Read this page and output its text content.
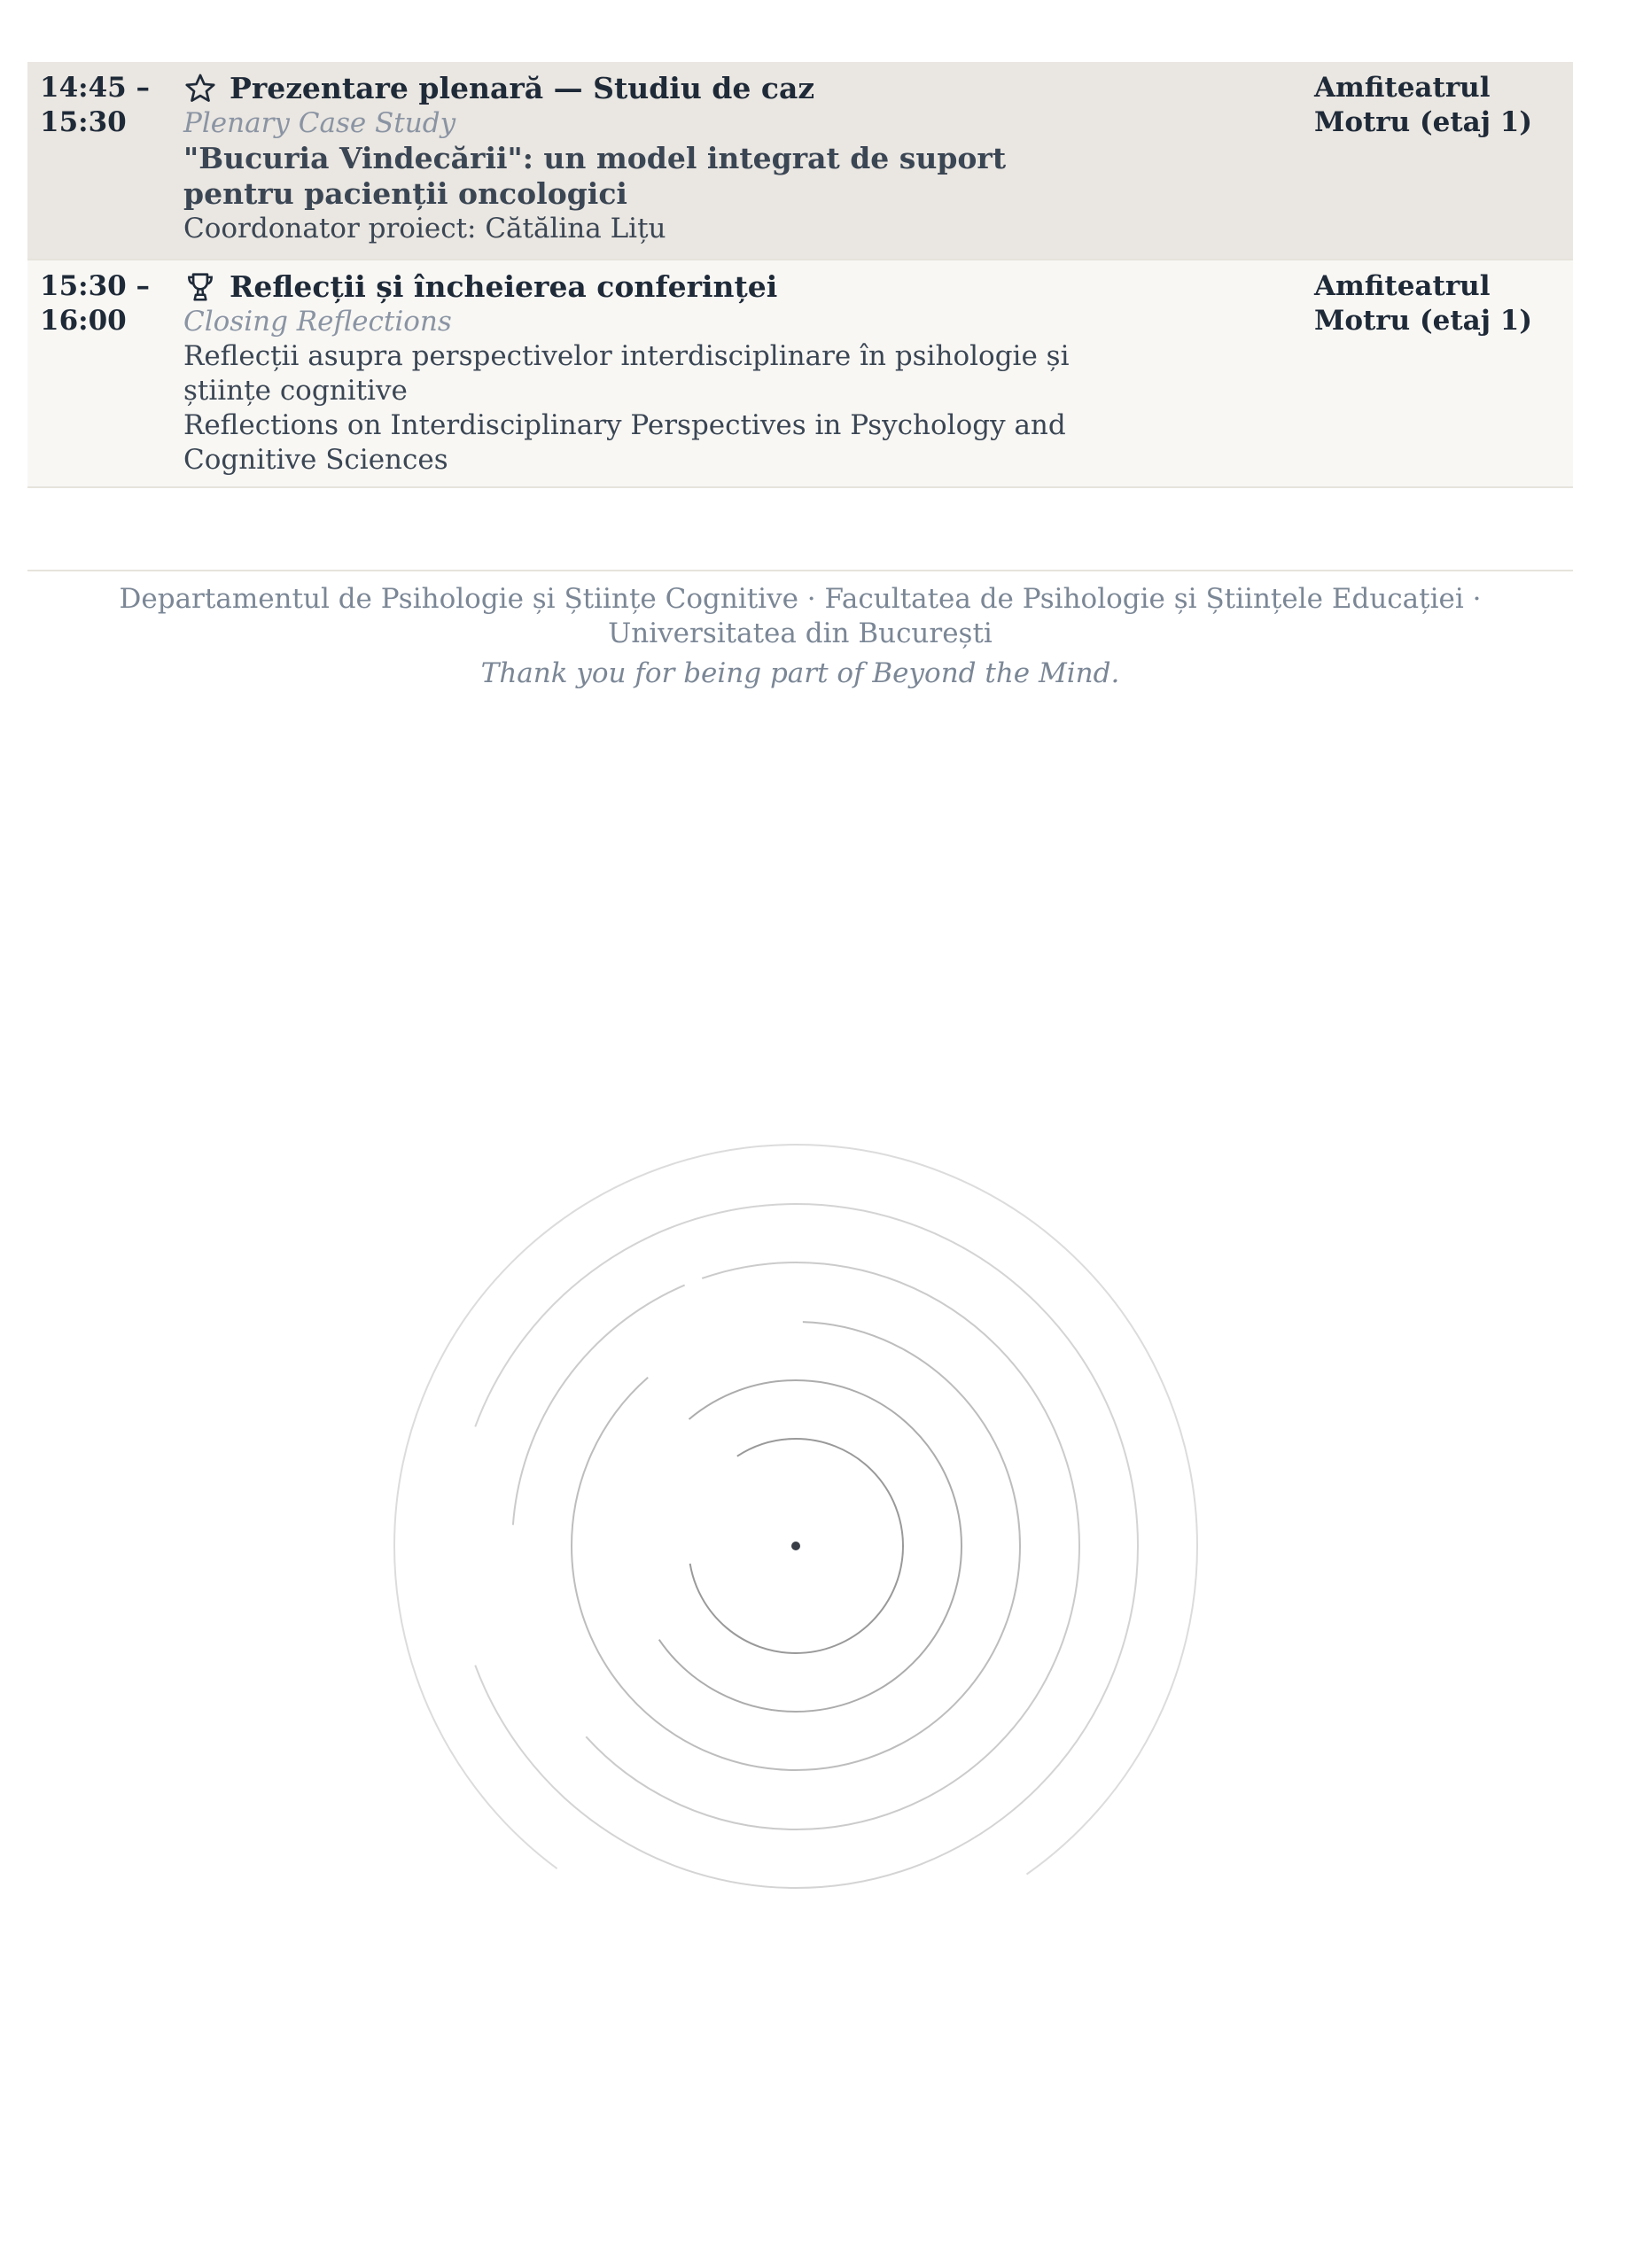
14:45 –
15:30
Prezentare plenară — Studiu de caz
Plenary Case Study
"Bucuria Vindecării": un model integrat de suport pentru pacienții oncologici
Coordonator proiect: Cătălina Lițu
Amfiteatrul
Motru (etaj 1)
15:30 –
16:00
Reflecții și încheierea conferinței
Closing Reflections
Reflecții asupra perspectivelor interdisciplinare în psihologie și științe cognitive
Reflections on Interdisciplinary Perspectives in Psychology and Cognitive Sciences
Amfiteatrul
Motru (etaj 1)
Departamentul de Psihologie și Științe Cognitive · Facultatea de Psihologie și Științele Educației · Universitatea din București
Thank you for being part of Beyond the Mind.
